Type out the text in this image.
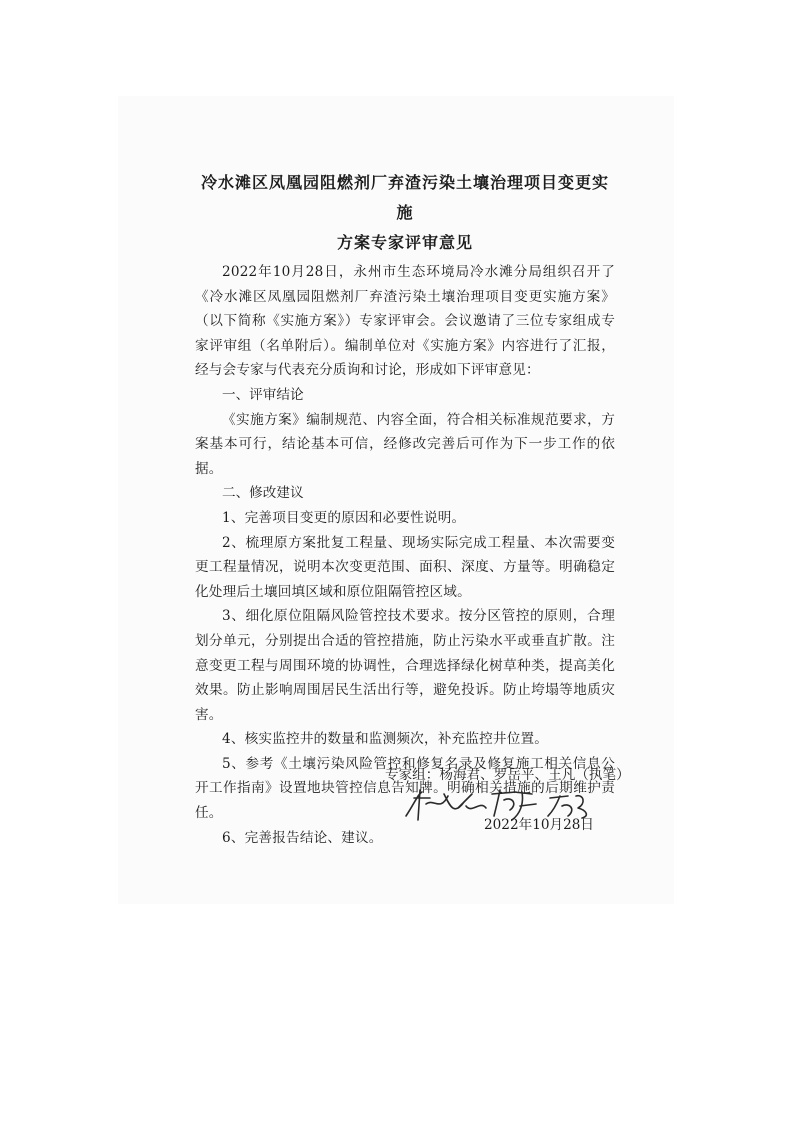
冷水滩区凤凰园阻燃剂厂弃渣污染土壤治理项目变更实施
方案专家评审意见

2022年10月28日，永州市生态环境局冷水滩分局组织召开了《冷水滩区凤凰园阻燃剂厂弃渣污染土壤治理项目变更实施方案》（以下简称《实施方案》）专家评审会。会议邀请了三位专家组成专家评审组（名单附后）。编制单位对《实施方案》内容进行了汇报，经与会专家与代表充分质询和讨论，形成如下评审意见：

一、评审结论

《实施方案》编制规范、内容全面，符合相关标准规范要求，方案基本可行，结论基本可信，经修改完善后可作为下一步工作的依据。

二、修改建议

1、完善项目变更的原因和必要性说明。

2、梳理原方案批复工程量、现场实际完成工程量、本次需要变更工程量情况，说明本次变更范围、面积、深度、方量等。明确稳定化处理后土壤回填区域和原位阻隔管控区域。

3、细化原位阻隔风险管控技术要求。按分区管控的原则，合理划分单元，分别提出合适的管控措施，防止污染水平或垂直扩散。注意变更工程与周围环境的协调性，合理选择绿化树草种类，提高美化效果。防止影响周围居民生活出行等，避免投诉。防止垮塌等地质灾害。

4、核实监控井的数量和监测频次，补充监控井位置。

5、参考《土壤污染风险管控和修复名录及修复施工相关信息公开工作指南》设置地块管控信息告知牌。明确相关措施的后期维护责任。

6、完善报告结论、建议。

专家组：杨海君、罗岳平、王凡（执笔）

2022年10月28日
